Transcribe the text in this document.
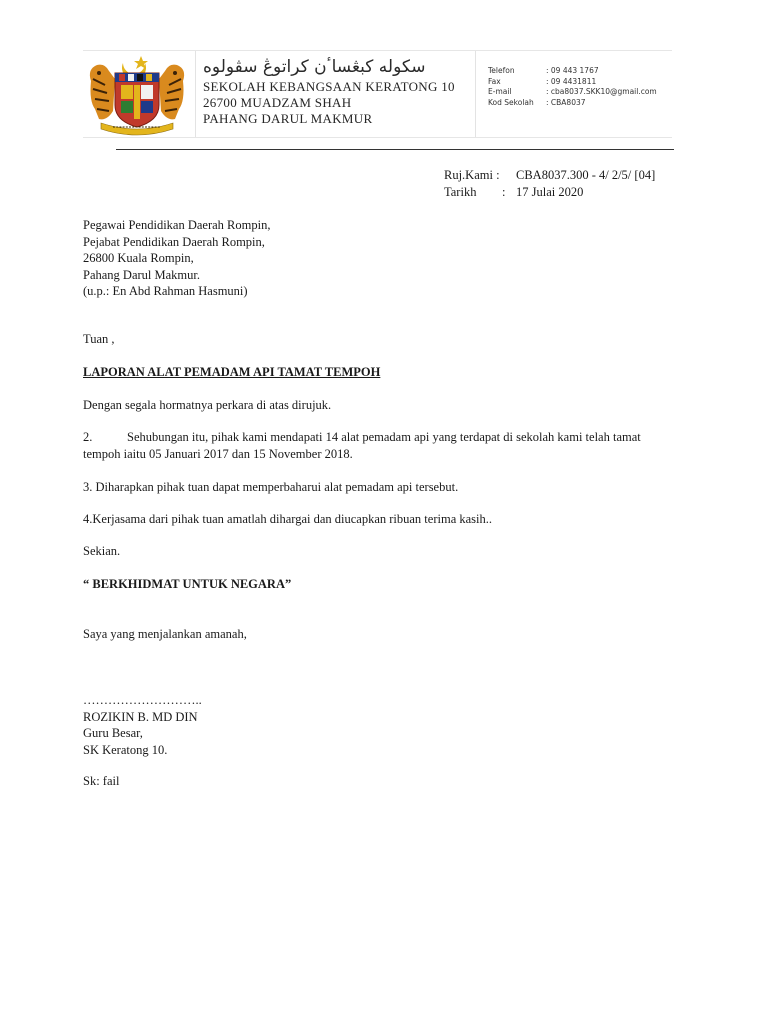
سکوله کبڠسا‌ٴن کراتوڠ سڤولوه
SEKOLAH KEBANGSAAN KERATONG 10
26700 MUADZAM SHAH
PAHANG DARUL MAKMUR
Telefon	: 09 443 1767
Fax	: 09 4431811
E-mail	: cba8037.SKK10@gmail.com
Kod Sekolah	: CBA8037
Ruj.Kami :	CBA8037.300 - 4/ 2/5/ [04]
Tarikh	: 17 Julai 2020
Pegawai Pendidikan Daerah Rompin,
Pejabat Pendidikan Daerah Rompin,
26800 Kuala Rompin,
Pahang Darul Makmur.
(u.p.: En Abd Rahman Hasmuni)
Tuan ,
LAPORAN ALAT PEMADAM API TAMAT TEMPOH
Dengan segala hormatnya perkara di atas dirujuk.
2.	Sehubungan itu, pihak kami mendapati 14 alat pemadam api yang terdapat di sekolah kami telah tamat
tempoh iaitu 05 Januari 2017 dan 15 November 2018.
3. Diharapkan pihak tuan dapat memperbaharui alat pemadam api tersebut.
4.Kerjasama dari pihak tuan amatlah dihargai dan diucapkan ribuan terima kasih..
Sekian.
“ BERKHIDMAT UNTUK NEGARA”
Saya yang menjalankan amanah,
………………………..
ROZIKIN B. MD DIN
Guru Besar,
SK Keratong 10.
Sk: fail
